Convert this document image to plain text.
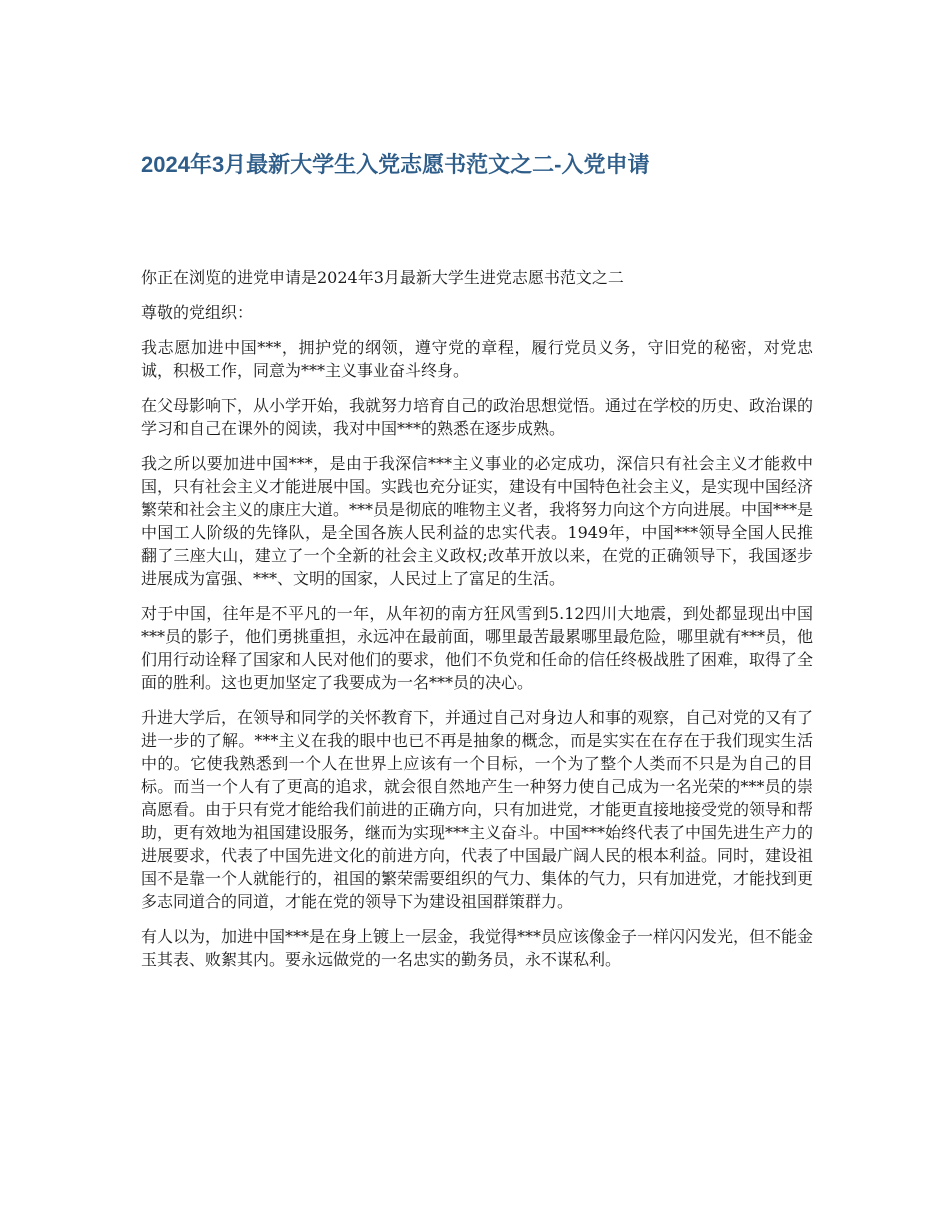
2024年3月最新大学生入党志愿书范文之二-入党申请

你正在浏览的进党申请是2024年3月最新大学生进党志愿书范文之二

尊敬的党组织：

我志愿加进中国***，拥护党的纲领，遵守党的章程，履行党员义务，守旧党的秘密，对党忠诚，积极工作，同意为***主义事业奋斗终身。

在父母影响下，从小学开始，我就努力培育自己的政治思想觉悟。通过在学校的历史、政治课的学习和自己在课外的阅读，我对中国***的熟悉在逐步成熟。

我之所以要加进中国***，是由于我深信***主义事业的必定成功，深信只有社会主义才能救中国，只有社会主义才能进展中国。实践也充分证实，建设有中国特色社会主义，是实现中国经济繁荣和社会主义的康庄大道。***员是彻底的唯物主义者，我将努力向这个方向进展。中国***是中国工人阶级的先锋队，是全国各族人民利益的忠实代表。1949年，中国***领导全国人民推翻了三座大山，建立了一个全新的社会主义政权;改革开放以来，在党的正确领导下，我国逐步进展成为富强、***、文明的国家，人民过上了富足的生活。

对于中国，往年是不平凡的一年，从年初的南方狂风雪到5.12四川大地震，到处都显现出中国***员的影子，他们勇挑重担，永远冲在最前面，哪里最苦最累哪里最危险，哪里就有***员，他们用行动诠释了国家和人民对他们的要求，他们不负党和任命的信任终极战胜了困难，取得了全面的胜利。这也更加坚定了我要成为一名***员的决心。

升进大学后，在领导和同学的关怀教育下，并通过自己对身边人和事的观察，自己对党的又有了进一步的了解。***主义在我的眼中也已不再是抽象的概念，而是实实在在存在于我们现实生活中的。它使我熟悉到一个人在世界上应该有一个目标，一个为了整个人类而不只是为自己的目标。而当一个人有了更高的追求，就会很自然地产生一种努力使自己成为一名光荣的***员的崇高愿看。由于只有党才能给我们前进的正确方向，只有加进党，才能更直接地接受党的领导和帮助，更有效地为祖国建设服务，继而为实现***主义奋斗。中国***始终代表了中国先进生产力的进展要求，代表了中国先进文化的前进方向，代表了中国最广阔人民的根本利益。同时，建设祖国不是靠一个人就能行的，祖国的繁荣需要组织的气力、集体的气力，只有加进党，才能找到更多志同道合的同道，才能在党的领导下为建设祖国群策群力。

有人以为，加进中国***是在身上镀上一层金，我觉得***员应该像金子一样闪闪发光，但不能金玉其表、败絮其内。要永远做党的一名忠实的勤务员，永不谋私利。
